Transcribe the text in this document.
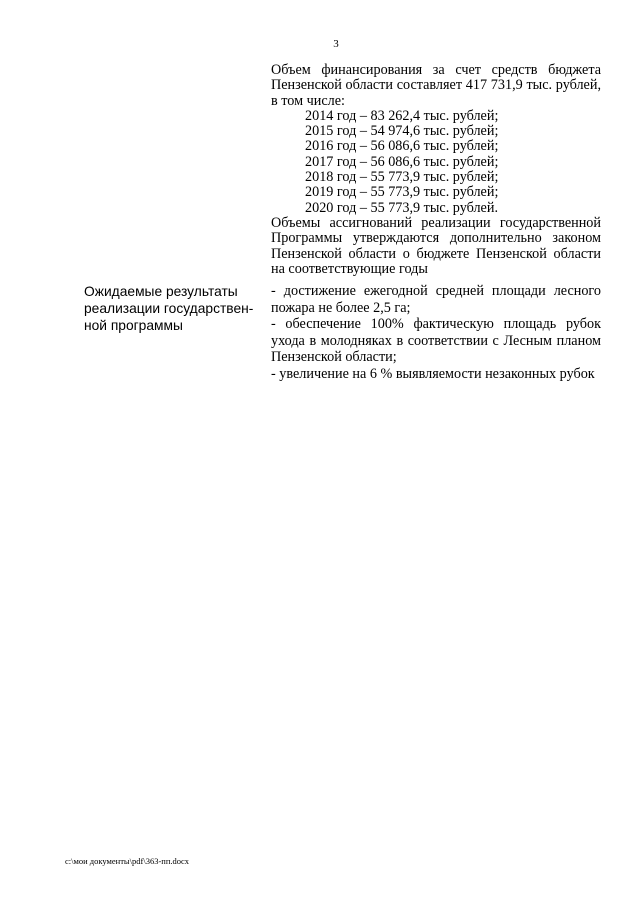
3

Объем финансирования за счет средств бюджета Пензенской области составляет 417 731,9 тыс. рублей, в том числе:

2014 год – 83 262,4 тыс. рублей;
2015 год – 54 974,6 тыс. рублей;
2016 год – 56 086,6 тыс. рублей;
2017 год – 56 086,6 тыс. рублей;
2018 год – 55 773,9 тыс. рублей;
2019 год – 55 773,9 тыс. рублей;
2020 год – 55 773,9 тыс. рублей.

Объемы ассигнований реализации государственной Программы утверждаются дополнительно законом Пензенской области о бюджете Пензенской области на соответствующие годы

Ожидаемые результаты
реализации государствен-
ной программы

- достижение ежегодной средней площади лесного пожара не более 2,5 га;

- обеспечение 100% фактическую площадь рубок ухода в молодняках в соответствии с Лесным планом Пензенской области;

- увеличение на 6 % выявляемости незаконных рубок

c:\мои документы\pdf\363-пп.docx
